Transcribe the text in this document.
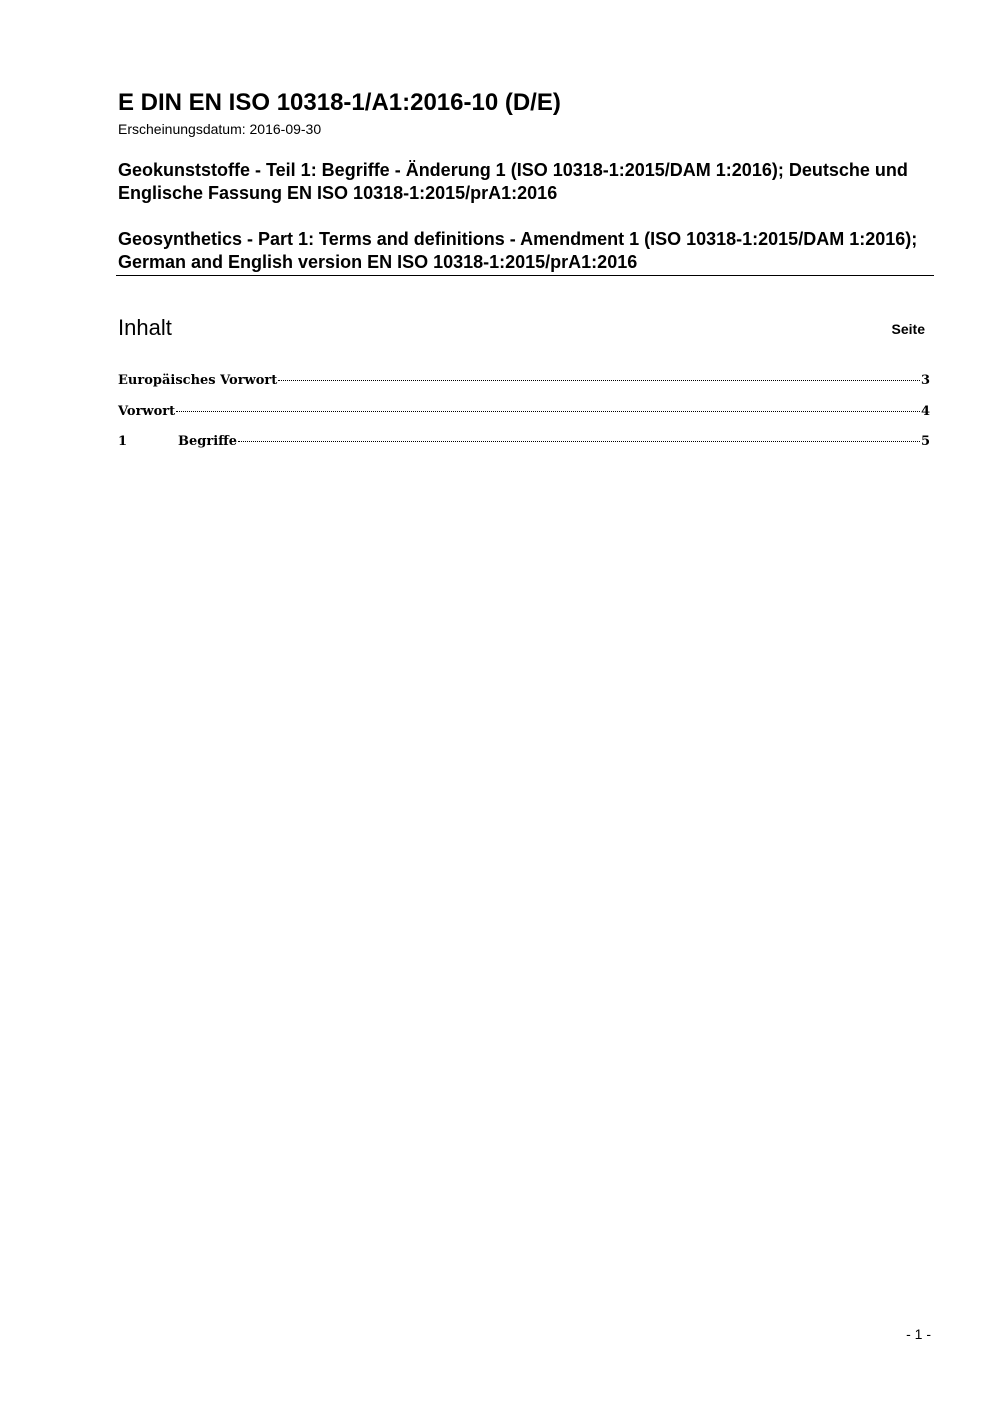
E DIN EN ISO 10318-1/A1:2016-10 (D/E)
Erscheinungsdatum: 2016-09-30
Geokunststoffe - Teil 1: Begriffe - Änderung 1 (ISO 10318-1:2015/DAM 1:2016); Deutsche und Englische Fassung EN ISO 10318-1:2015/prA1:2016
Geosynthetics - Part 1: Terms and definitions - Amendment 1 (ISO 10318-1:2015/DAM 1:2016); German and English version EN ISO 10318-1:2015/prA1:2016
Inhalt	Seite
Europäisches Vorwort	3
Vorwort	4
1	Begriffe	5
- 1 -
